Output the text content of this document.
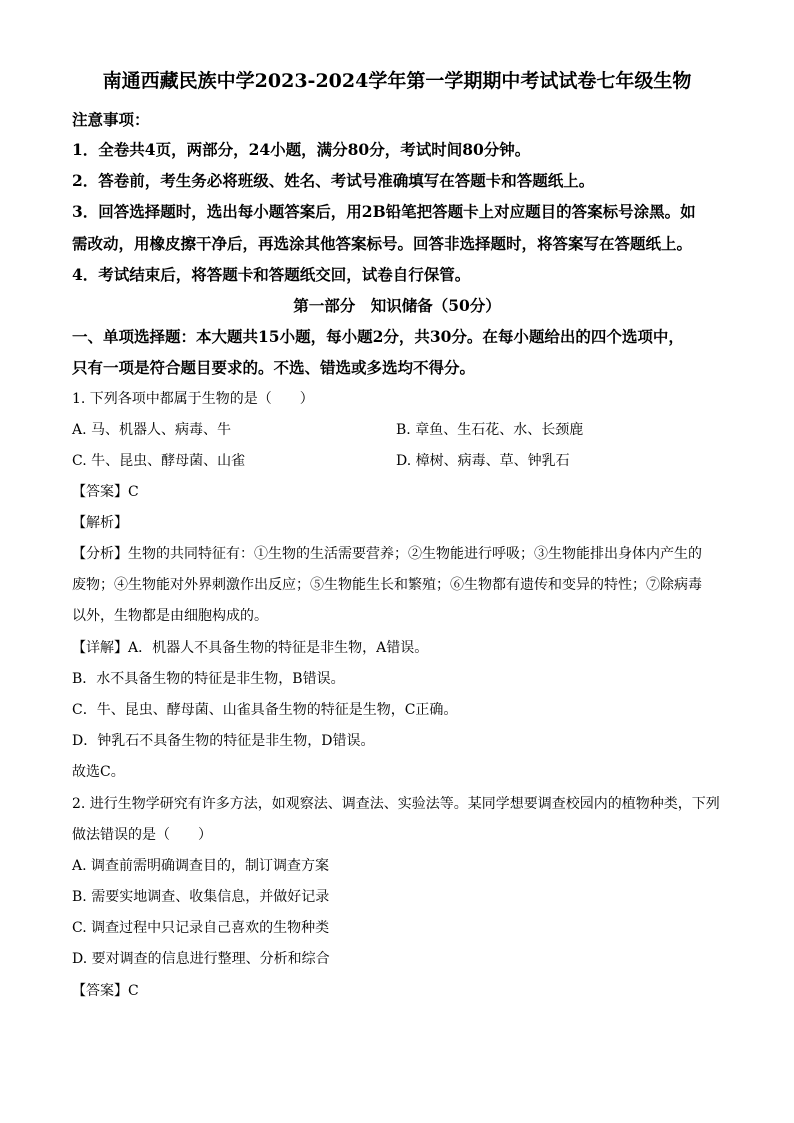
南通西藏民族中学2023-2024学年第一学期期中考试试卷七年级生物
注意事项：
1．全卷共4页，两部分，24小题，满分80分，考试时间80分钟。
2．答卷前，考生务必将班级、姓名、考试号准确填写在答题卡和答题纸上。
3．回答选择题时，选出每小题答案后，用2B铅笔把答题卡上对应题目的答案标号涂黑。如
需改动，用橡皮擦干净后，再选涂其他答案标号。回答非选择题时，将答案写在答题纸上。
4．考试结束后，将答题卡和答题纸交回，试卷自行保管。
第一部分　知识储备（50分）
一、单项选择题：本大题共15小题，每小题2分，共30分。在每小题给出的四个选项中，
只有一项是符合题目要求的。不选、错选或多选均不得分。
1. 下列各项中都属于生物的是（　　）
A. 马、机器人、病毒、牛	B. 章鱼、生石花、水、长颈鹿
C. 牛、昆虫、酵母菌、山雀	D. 樟树、病毒、草、钟乳石
【答案】C
【解析】
【分析】生物的共同特征有：①生物的生活需要营养；②生物能进行呼吸；③生物能排出身体内产生的
废物；④生物能对外界刺激作出反应；⑤生物能生长和繁殖；⑥生物都有遗传和变异的特性；⑦除病毒
以外，生物都是由细胞构成的。
【详解】A．机器人不具备生物的特征是非生物，A错误。
B．水不具备生物的特征是非生物，B错误。
C．牛、昆虫、酵母菌、山雀具备生物的特征是生物，C正确。
D．钟乳石不具备生物的特征是非生物，D错误。
故选C。
2. 进行生物学研究有许多方法，如观察法、调查法、实验法等。某同学想要调查校园内的植物种类，下列
做法错误的是（　　）
A. 调查前需明确调查目的，制订调查方案
B. 需要实地调查、收集信息，并做好记录
C. 调查过程中只记录自己喜欢的生物种类
D. 要对调查的信息进行整理、分析和综合
【答案】C
